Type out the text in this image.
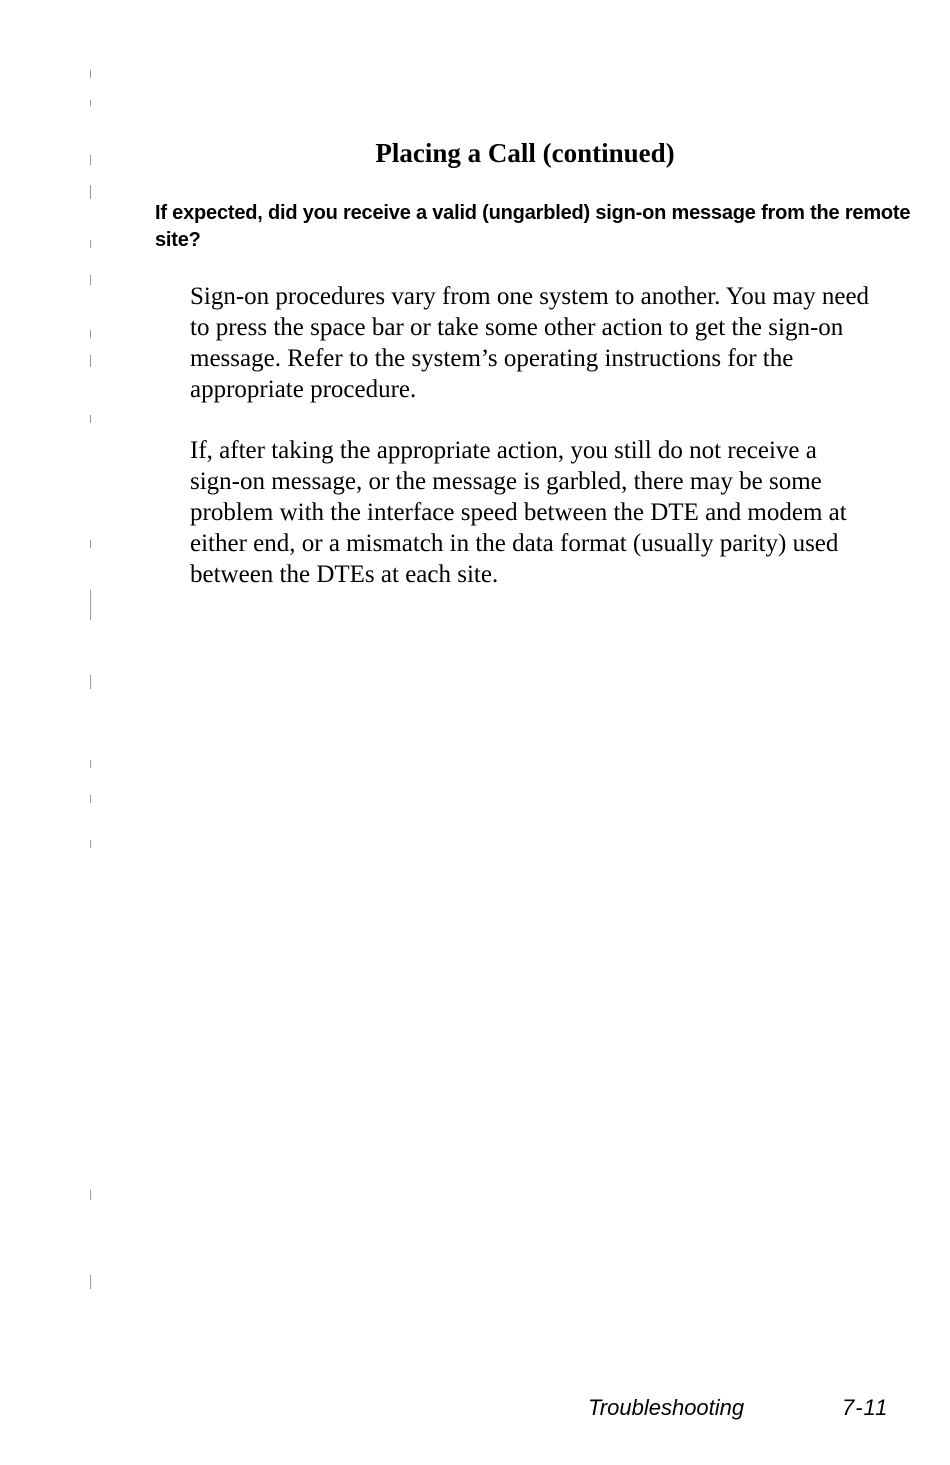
Placing a Call (continued)

If expected, did you receive a valid (ungarbled) sign-on message from the remote site?

Sign-on procedures vary from one system to another. You may need to press the space bar or take some other action to get the sign-on message. Refer to the system’s operating instructions for the appropriate procedure.

If, after taking the appropriate action, you still do not receive a sign-on message, or the message is garbled, there may be some problem with the interface speed between the DTE and modem at either end, or a mismatch in the data format (usually parity) used between the DTEs at each site.

Troubleshooting	7-11
